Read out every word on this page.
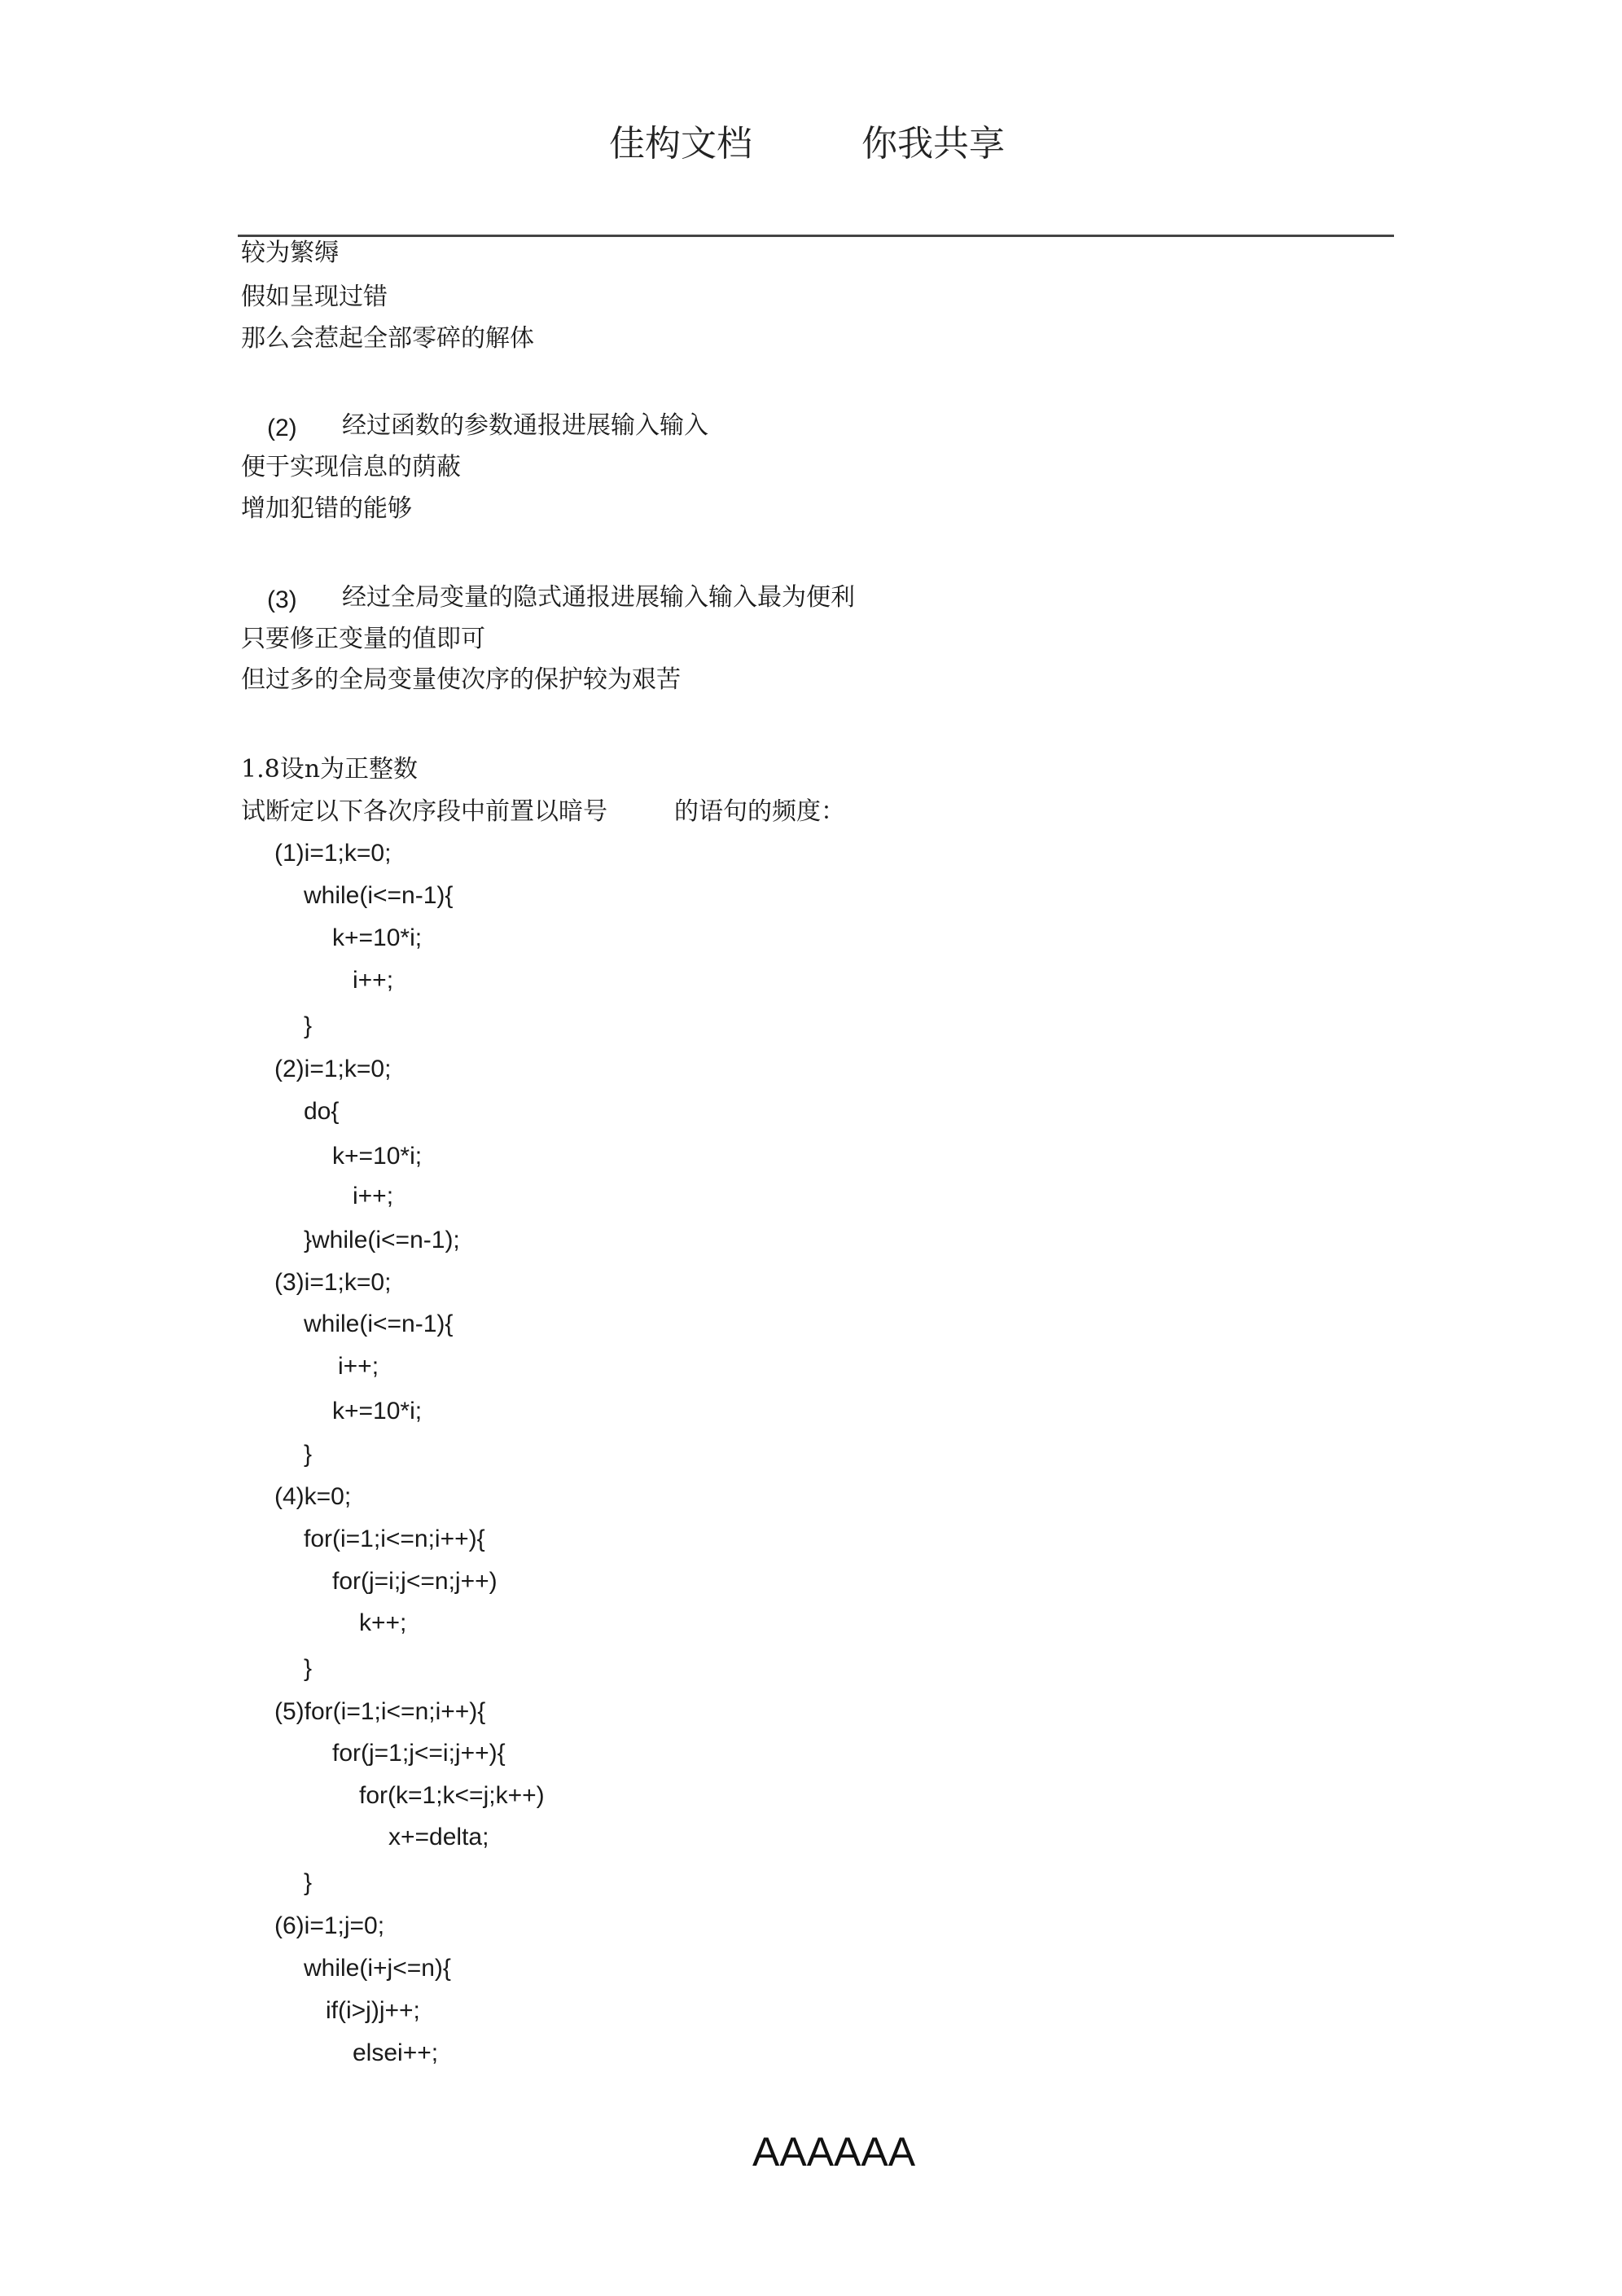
佳构文档	你我共享
较为繁缛
假如呈现过错
那么会惹起全部零碎的解体
(2) 经过函数的参数通报进展输入输入
便于实现信息的荫蔽
增加犯错的能够
(3) 经过全局变量的隐式通报进展输入输入最为便利
只要修正变量的值即可
但过多的全局变量使次序的保护较为艰苦
1.8设n为正整数
试断定以下各次序段中前置以暗号	的语句的频度：
(1)i=1;k=0;
while(i<=n-1){
k+=10*i;
i++;
}
(2)i=1;k=0;
do{
k+=10*i;
i++;
}while(i<=n-1);
(3)i=1;k=0;
while(i<=n-1){
i++;
k+=10*i;
}
(4)k=0;
for(i=1;i<=n;i++){
for(j=i;j<=n;j++)
k++;
}
(5)for(i=1;i<=n;i++){
for(j=1;j<=i;j++){
for(k=1;k<=j;k++)
x+=delta;
}
(6)i=1;j=0;
while(i+j<=n){
if(i>j)j++;
elsei++;
AAAAAA
